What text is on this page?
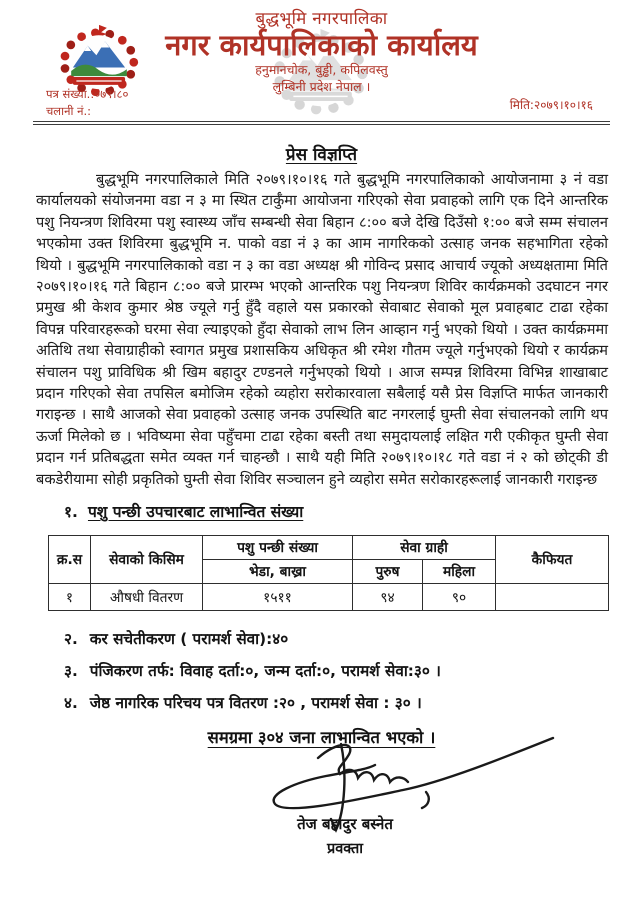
बुद्धभूमि नगरपालिका
नगर कार्यपालिकाको कार्यालय
हनुमानचोक, बुड्ढी, कपिलवस्तु
लुम्बिनी प्रदेश नेपाल ।
पत्र संख्या.:०७९।८०
चलानी नं.:	मिति:२०७९।१०।१६
प्रेस विज्ञप्ति
बुद्धभूमि नगरपालिकाले मिति २०७९।१०।१६ गते बुद्धभूमि नगरपालिकाको आयोजनामा ३ नं वडा कार्यालयको संयोजनमा वडा न ३ मा स्थित टार्कुँमा आयोजना गरिएको सेवा प्रवाहको लागि एक दिने आन्तरिक पशु नियन्त्रण शिविरमा पशु स्वास्थ्य जाँच सम्बन्धी सेवा बिहान ८:०० बजे देखि दिउँसो १:०० बजे सम्म संचालन भएकोमा उक्त शिविरमा बुद्धभूमि न. पाको वडा नं ३ का आम नागरिकको उत्साह जनक सहभागिता रहेको थियो । बुद्धभूमि नगरपालिकाको वडा न ३ का वडा अध्यक्ष श्री गोविन्द प्रसाद आचार्य ज्यूको अध्यक्षतामा मिति २०७९।१०।१६ गते बिहान ८:०० बजे प्रारम्भ भएको आन्तरिक पशु नियन्त्रण शिविर कार्यक्रमको उदघाटन नगर प्रमुख श्री केशव कुमार श्रेष्ठ ज्यूले गर्नु हुँदै वहाले यस प्रकारको सेवाबाट सेवाको मूल प्रवाहबाट टाढा रहेका विपन्न परिवारहरूको घरमा सेवा ल्याइएको हुँदा सेवाको लाभ लिन आव्हान गर्नु भएको थियो । उक्त कार्यक्रममा अतिथि तथा सेवाग्राहीको स्वागत प्रमुख प्रशासकिय अधिकृत श्री रमेश गौतम ज्यूले गर्नुभएको थियो र कार्यक्रम संचालन पशु प्राविधिक श्री खिम बहादुर टण्डनले गर्नुभएको थियो । आज सम्पन्न शिविरमा विभिन्न शाखाबाट प्रदान गरिएको सेवा तपसिल बमोजिम रहेको व्यहोरा सरोकारवाला सबैलाई यसै प्रेस विज्ञप्ति मार्फत जानकारी गराइन्छ । साथै आजको सेवा प्रवाहको उत्साह जनक उपस्थिति बाट नगरलाई घुम्ती सेवा संचालनको लागि थप ऊर्जा मिलेको छ । भविष्यमा सेवा पहुँचमा टाढा रहेका बस्ती तथा समुदायलाई लक्षित गरी एकीकृत घुम्ती सेवा प्रदान गर्न प्रतिबद्धता समेत व्यक्त गर्न चाहन्छौ । साथै यही मिति २०७९।१०।१८ गते वडा नं २ को छोट्की डी बकडेरीयामा सोही प्रकृतिको घुम्ती सेवा शिविर सञ्चालन हुने व्यहोरा समेत सरोकारहरूलाई जानकारी गराइन्छ
१. पशु पन्छी उपचारबाट लाभान्वित संख्या
क्र.स	सेवाको किसिम	पशु पन्छी संख्या	सेवा ग्राही		कैफियत
		भेडा, बाख्रा	पुरुष	महिला	
१	औषधी वितरण	१५११	९४	९०	
२. कर सचेतीकरण ( परामर्श सेवा):४०
३. पंजिकरण तर्फ: विवाह दर्ता:०, जन्म दर्ता:०, परामर्श सेवा:३० ।
४. जेष्ठ नागरिक परिचय पत्र वितरण :२० , परामर्श सेवा : ३० ।
समग्रमा ३०४ जना लाभान्वित भएको ।
तेज बहादुर बस्नेत
प्रवक्ता
